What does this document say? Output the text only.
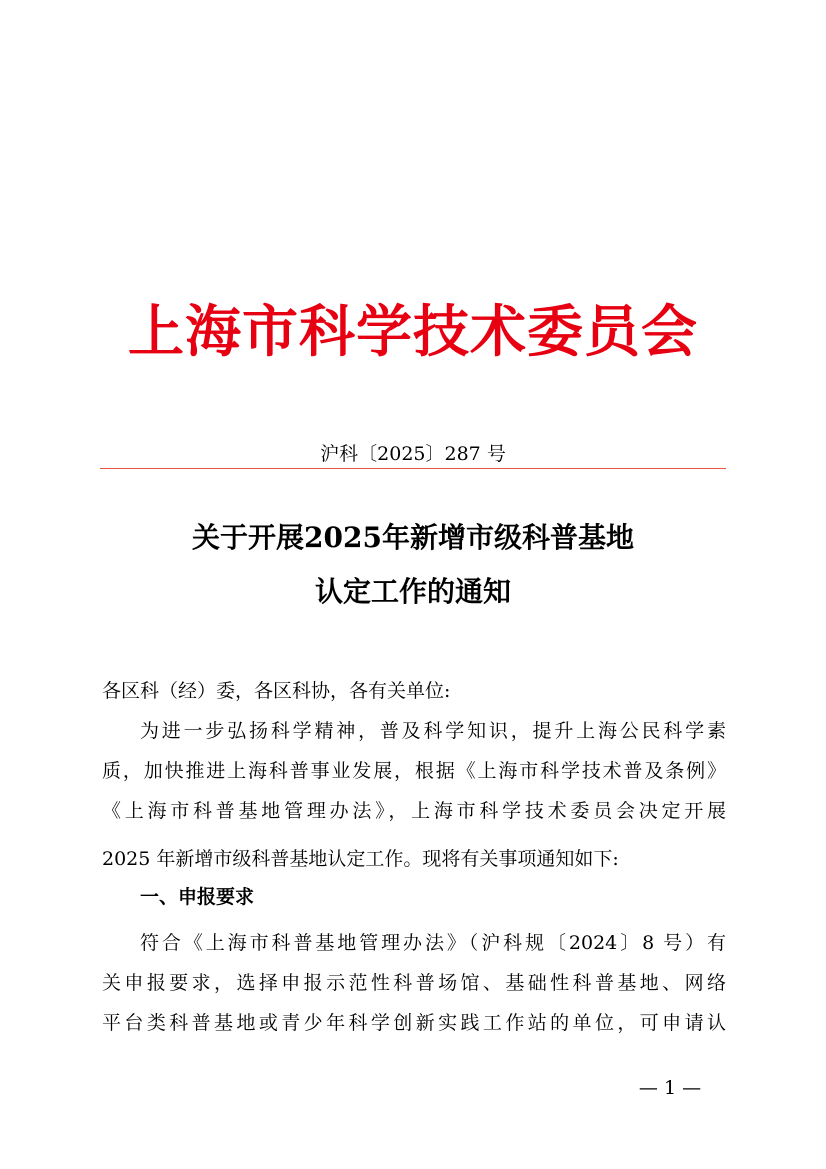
上海市科学技术委员会
沪科〔2025〕287 号
关于开展2025年新增市级科普基地
认定工作的通知
各区科（经）委，各区科协，各有关单位:
为进一步弘扬科学精神，普及科学知识，提升上海公民科学素
质，加快推进上海科普事业发展，根据《上海市科学技术普及条例》
《上海市科普基地管理办法》，上海市科学技术委员会决定开展
2025 年新增市级科普基地认定工作。现将有关事项通知如下:
一、申报要求
符合《上海市科普基地管理办法》（沪科规〔2024〕8 号）有
关申报要求，选择申报示范性科普场馆、基础性科普基地、网络
平台类科普基地或青少年科学创新实践工作站的单位，可申请认
— 1 —
